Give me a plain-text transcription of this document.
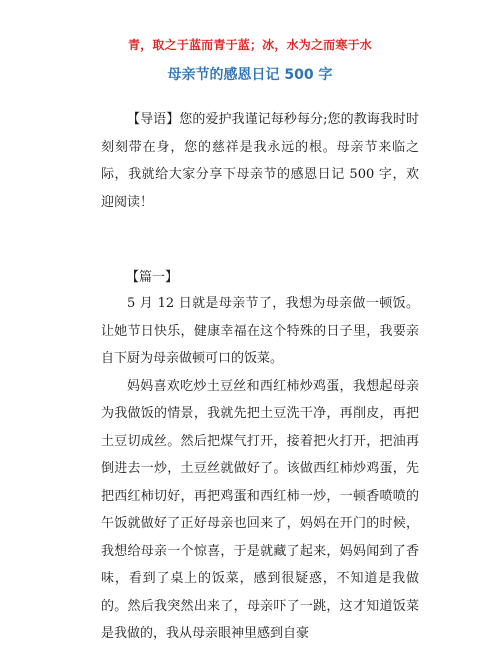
青，取之于蓝而青于蓝；冰，水为之而寒于水
母亲节的感恩日记 500 字

【导语】您的爱护我谨记每秒每分;您的教诲我时时刻刻带在身，您的慈祥是我永远的根。母亲节来临之际，我就给大家分享下母亲节的感恩日记 500 字，欢迎阅读！

【篇一】

5 月 12 日就是母亲节了，我想为母亲做一顿饭。让她节日快乐，健康幸福在这个特殊的日子里，我要亲自下厨为母亲做顿可口的饭菜。

妈妈喜欢吃炒土豆丝和西红柿炒鸡蛋，我想起母亲为我做饭的情景，我就先把土豆洗干净，再削皮，再把土豆切成丝。然后把煤气打开，接着把火打开，把油再倒进去一炒，土豆丝就做好了。该做西红柿炒鸡蛋，先把西红柿切好，再把鸡蛋和西红柿一炒，一顿香喷喷的午饭就做好了正好母亲也回来了，妈妈在开门的时候，我想给母亲一个惊喜，于是就藏了起来，妈妈闻到了香味，看到了桌上的饭菜，感到很疑惑，不知道是我做的。然后我突然出来了，母亲吓了一跳，这才知道饭菜是我做的，我从母亲眼神里感到自豪
